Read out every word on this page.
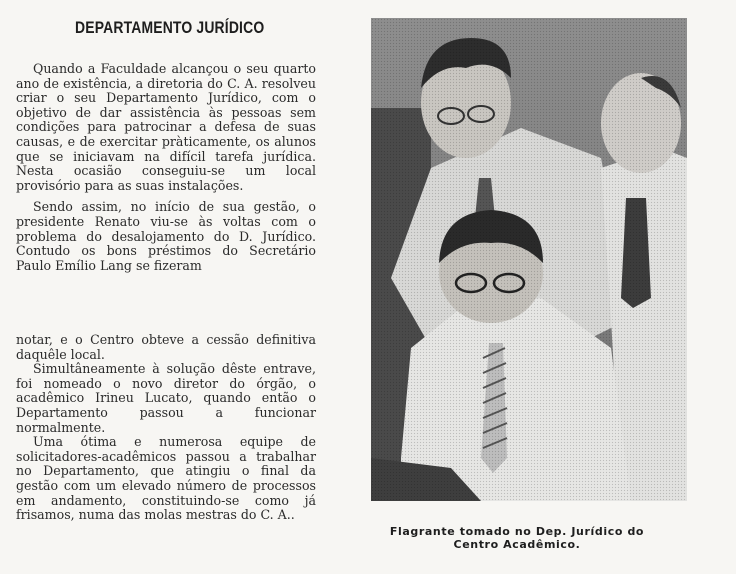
DEPARTAMENTO JURÍDICO

Quando a Faculdade alcançou o seu quarto ano de existência, a diretoria do C. A. resolveu criar o seu Departamento Jurídico, com o objetivo de dar assistência às pessoas sem condições para patrocinar a defesa de suas causas, e de exercitar pràticamente, os alunos que se iniciavam na difícil tarefa jurídica. Nesta ocasião conseguiu-se um local provisório para as suas instalações.

Sendo assim, no início de sua gestão, o presidente Renato viu-se às voltas com o problema do desalojamento do D. Jurídico. Contudo os bons préstimos do Secretário Paulo Emílio Lang se fizeram

notar, e o Centro obteve a cessão definitiva daquêle local.

Simultâneamente à solução dêste entrave, foi nomeado o novo diretor do órgão, o acadêmico Irineu Lucato, quando então o Departamento passou a funcionar normalmente.

Uma ótima e numerosa equipe de solicitadores-acadêmicos passou a trabalhar no Departamento, que atingiu o final da gestão com um elevado número de processos em andamento, constituindo-se como já frisamos, numa das molas mestras do C. A..

Flagrante tomado no Dep. Jurídico do
Centro Acadêmico.
